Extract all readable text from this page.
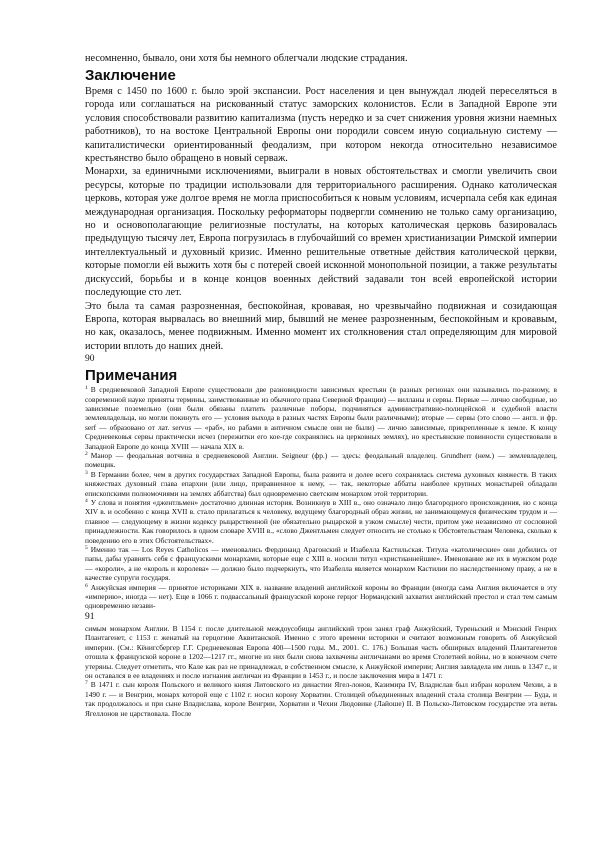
несомненно, бывало, они хотя бы немного облегчали людские страдания.

Заключение

Время с 1450 по 1600 г. было эрой экспансии. Рост населения и цен вынуждал людей переселяться в города или соглашаться на рискованный статус заморских колонистов. Если в Западной Европе эти условия способствовали развитию капитализма (пусть нередко и за счет снижения уровня жизни наемных работников), то на востоке Центральной Европы они породили совсем иную социальную систему — капиталистически ориентированный феодализм, при котором некогда относительно независимое крестьянство было обращено в новый серваж.

Монархи, за единичными исключениями, выиграли в новых обстоятельствах и смогли увеличить свои ресурсы, которые по традиции использовали для территориального расширения. Однако католическая церковь, которая уже долгое время не могла приспособиться к новым условиям, исчерпала себя как единая международная организация. Поскольку реформаторы подвергли сомнению не только саму организацию, но и основополагающие религиозные постулаты, на которых католическая церковь базировалась предыдущую тысячу лет, Европа погрузилась в глубочайший со времен христианизации Римской империи интеллектуальный и духовный кризис. Именно решительные ответные действия католической церкви, которые помогли ей выжить хотя бы с потерей своей исконной монопольной позиции, а также результаты дискуссий, борьбы и в конце концов военных действий задавали тон всей европейской истории последующие сто лет.

Это была та самая разрозненная, беспокойная, кровавая, но чрезвычайно подвижная и созидающая Европа, которая вырвалась во внешний мир, бывший не менее разрозненным, беспокойным и кровавым, но как, оказалось, менее подвижным. Именно момент их столкновения стал определяющим для мировой истории вплоть до наших дней.

90

Примечания

$^1$ В средневековой Западной Европе существовали две разновидности зависимых крестьян (в разных регионах они назывались по-разному, в современной науке приняты термины, заимствованные из обычного права Северной Франции) — вилланы и сервы. Первые — лично свободные, но зависимые поземельно (они были обязаны платить различные поборы, подчиняться административно-полицейской и судебной власти землевладельца, но могли покинуть его — условия выхода в разных частях Европы были различными); вторые — сервы (это слово — англ. и фр. serf — образовано от лат. servus — «раб», но рабами в античном смысле они не были) — лично зависимые, прикрепленные к земле. К концу Средневековья сервы практически исчез (пережитки его кое-где сохранялись на церковных землях), но крестьянские повинности существовали в Западной Европе до конца XVIII — начала XIX в.

$^2$ Манор — феодальная вотчина в средневековой Англии. Seigneur (фр.) — здесь: феодальный владелец. Grundherr (нем.) — землевладелец, помещик.

$^3$ В Германии более, чем в других государствах Западной Европы, была развита и долее всего сохранялась система духовных княжеств. В таких княжествах духовный глава епархии (или лицо, приравненное к нему, — так, некоторые аббаты наиболее крупных монастырей обладали епископскими полномочиями на землях аббатства) был одновременно светским монархом этой территории.

$^4$ У слова и понятия «джентльмен» достаточно длинная история. Возникнув в XIII в., оно означало лицо благородного происхождения, но с конца XIV в. и особенно с конца XVII в. стало прилагаться к человеку, ведущему благородный образ жизни, не занимающемуся физическим трудом и — главное — следующему в жизни кодексу рыцарственной (не обязательно рыцарской в узком смысле) чести, притом уже независимо от сословной принадлежности. Как говорилось в одном словаре XVIII в., «слово Джентльмен следует относить не столько к Обстоятельствам Человека, сколько к поведению его в этих Обстоятельствах».

$^5$ Именно так — Los Reyes Catholicos — именовались Фердинанд Арагонский и Изабелла Кастильская. Титула «католические» они добились от папы, дабы уравнять себя с французскими монархами, которые еще с XIII в. носили титул «христианнейшие». Именование же их в мужском роде — «короли», а не «король и королева» — должно было подчеркнуть, что Изабелла является монархом Кастилии по наследственному праву, а не в качестве супруги государя.

$^6$ Анжуйская империя — принятое историками XIX в. название владений английской короны во Франции (иногда сама Англия включается в эту «империю», иногда — нет). Еще в 1066 г. подвассальный французской короне герцог Нормандский захватил английский престол и стал тем самым одновременно незави-

91

симым монархом Англии. В 1154 г. после длительной междоусобицы английский трон занял граф Анжуйский, Туреньский и Мэнский Генрих Плантагенет, с 1153 г. женатый на герцогине Аквитанской. Именно с этого времени историки и считают возможным говорить об Анжуйской империи. (См.: Кёнигсбергер Г.Г. Средневековая Европа 400—1500 годы. М., 2001. С. 176.) Большая часть обширных владений Плантагенетов отошла к французской короне в 1202—1217 гг., многие из них были снова захвачены англичанами во время Столетней войны, но в конечном счете утеряны. Следует отметить, что Кале как раз не принадлежал, в собственном смысле, к Анжуйской империи; Англия завладела им лишь в 1347 г., и он оставался в ее владениях и после изгнания англичан из Франции в 1453 г., и после заключения мира в 1471 г.

$^7$ В 1471 г. сын короля Польского и великого князя Литовского из династии Ягел-лонов, Казимира IV, Владислав был избран королем Чехии, а в 1490 г. — и Венгрии, монарх которой еще с 1102 г. носил корону Хорватии. Столицей объединенных владений стала столица Венгрии — Буда, и так продолжалось и при сыне Владислава, короле Венгрии, Хорватии и Чехии Людовике (Лайоше) II. В Польско-Литовском государстве эта ветвь Ягеллонов не царствовала. После
